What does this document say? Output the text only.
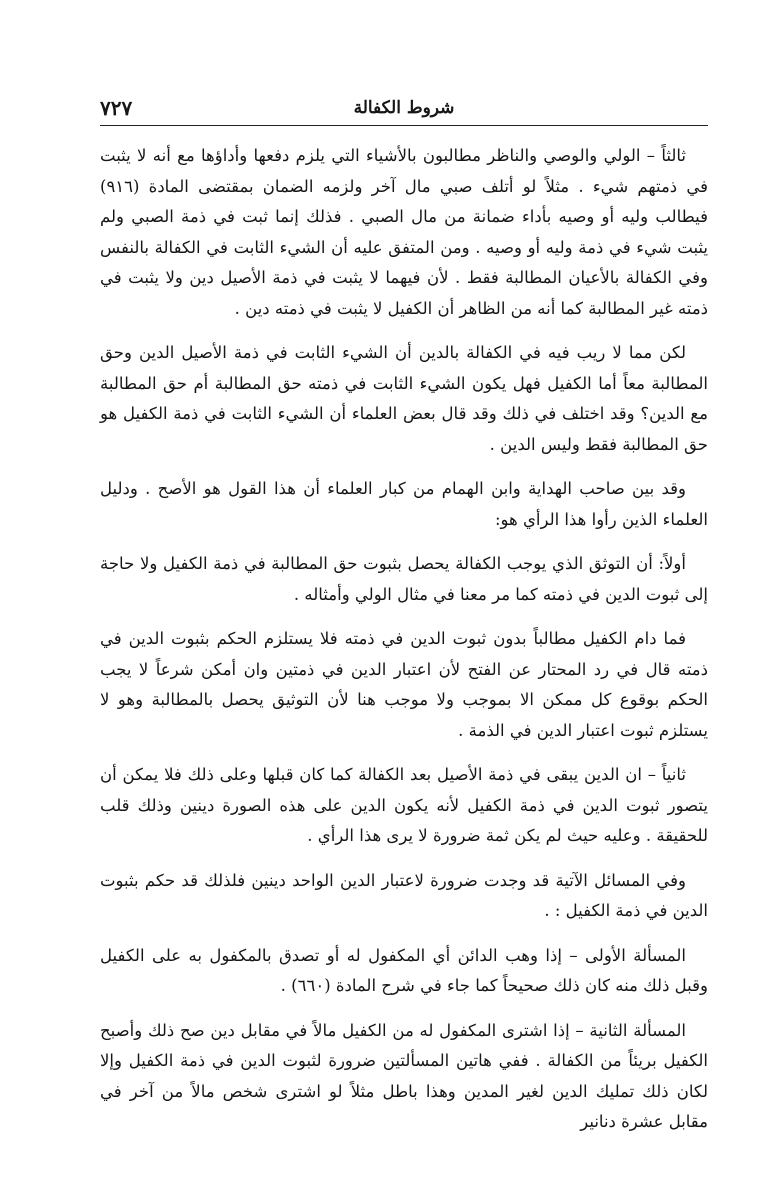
شروط الكفالة
٧٢٧

ثالثاً – الولي والوصي والناظر مطالبون بالأشياء التي يلزم دفعها وأداؤها مع أنه لا يثبت في ذمتهم شيء . مثلاً لو أتلف صبي مال آخر ولزمه الضمان بمقتضى المادة (٩١٦) فيطالب وليه أو وصيه بأداء ضمانة من مال الصبي . فذلك إنما ثبت في ذمة الصبي ولم يثبت شيء في ذمة وليه أو وصيه . ومن المتفق عليه أن الشيء الثابت في الكفالة بالنفس وفي الكفالة بالأعيان المطالبة فقط . لأن فيهما لا يثبت في ذمة الأصيل دين ولا يثبت في ذمته غير المطالبة كما أنه من الظاهر أن الكفيل لا يثبت في ذمته دين .

لكن مما لا ريب فيه في الكفالة بالدين أن الشيء الثابت في ذمة الأصيل الدين وحق المطالبة معاً أما الكفيل فهل يكون الشيء الثابت في ذمته حق المطالبة أم حق المطالبة مع الدين؟ وقد اختلف في ذلك وقد قال بعض العلماء أن الشيء الثابت في ذمة الكفيل هو حق المطالبة فقط وليس الدين .

وقد بين صاحب الهداية وابن الهمام من كبار العلماء أن هذا القول هو الأصح . ودليل العلماء الذين رأوا هذا الرأي هو:

أولاً: أن التوثق الذي يوجب الكفالة يحصل بثبوت حق المطالبة في ذمة الكفيل ولا حاجة إلى ثبوت الدين في ذمته كما مر معنا في مثال الولي وأمثاله .

فما دام الكفيل مطالباً بدون ثبوت الدين في ذمته فلا يستلزم الحكم بثبوت الدين في ذمته قال في رد المحتار عن الفتح لأن اعتبار الدين في ذمتين وان أمكن شرعاً لا يجب الحكم بوقوع كل ممكن الا بموجب ولا موجب هنا لأن التوثيق يحصل بالمطالبة وهو لا يستلزم ثبوت اعتبار الدين في الذمة .

ثانياً – ان الدين يبقى في ذمة الأصيل بعد الكفالة كما كان قبلها وعلى ذلك فلا يمكن أن يتصور ثبوت الدين في ذمة الكفيل لأنه يكون الدين على هذه الصورة دينين وذلك قلب للحقيقة . وعليه حيث لم يكن ثمة ضرورة لا يرى هذا الرأي .

وفي المسائل الآتية قد وجدت ضرورة لاعتبار الدين الواحد دينين فلذلك قد حكم بثبوت الدين في ذمة الكفيل : .

المسألة الأولى – إذا وهب الدائن أي المكفول له أو تصدق بالمكفول به على الكفيل وقبل ذلك منه كان ذلك صحيحاً كما جاء في شرح المادة (٦٦٠) .

المسألة الثانية – إذا اشترى المكفول له من الكفيل مالاً في مقابل دين صح ذلك وأصبح الكفيل بريئاً من الكفالة . ففي هاتين المسألتين ضرورة لثبوت الدين في ذمة الكفيل وإلا لكان ذلك تمليك الدين لغير المدين وهذا باطل مثلاً لو اشترى شخص مالاً من آخر في مقابل عشرة دنانير
